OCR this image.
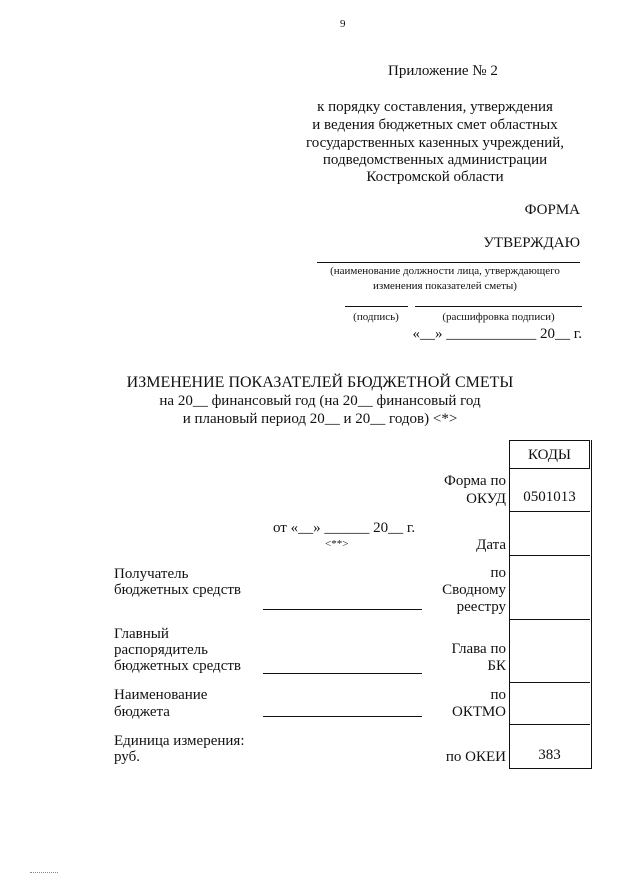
9
Приложение № 2
к порядку составления, утверждения
и ведения бюджетных смет областных
государственных казенных учреждений,
подведомственных администрации
Костромской области
ФОРМА
УТВЕРЖДАЮ
(наименование должности лица, утверждающего
изменения показателей сметы)
(подпись)	(расшифровка подписи)
«__» ____________ 20__ г.
ИЗМЕНЕНИЕ ПОКАЗАТЕЛЕЙ БЮДЖЕТНОЙ СМЕТЫ
на 20__ финансовый год (на 20__ финансовый год
и плановый период 20__ и 20__ годов) <*>
КОДЫ
0501013
383
Форма по
ОКУД
Дата
по
Сводному
реестру
Глава по
БК
по
ОКТМО
по ОКЕИ
от «__» ______ 20__ г.
<**>
Получатель
бюджетных средств
Главный
распорядитель
бюджетных средств
Наименование
бюджета
Единица измерения:
руб.
